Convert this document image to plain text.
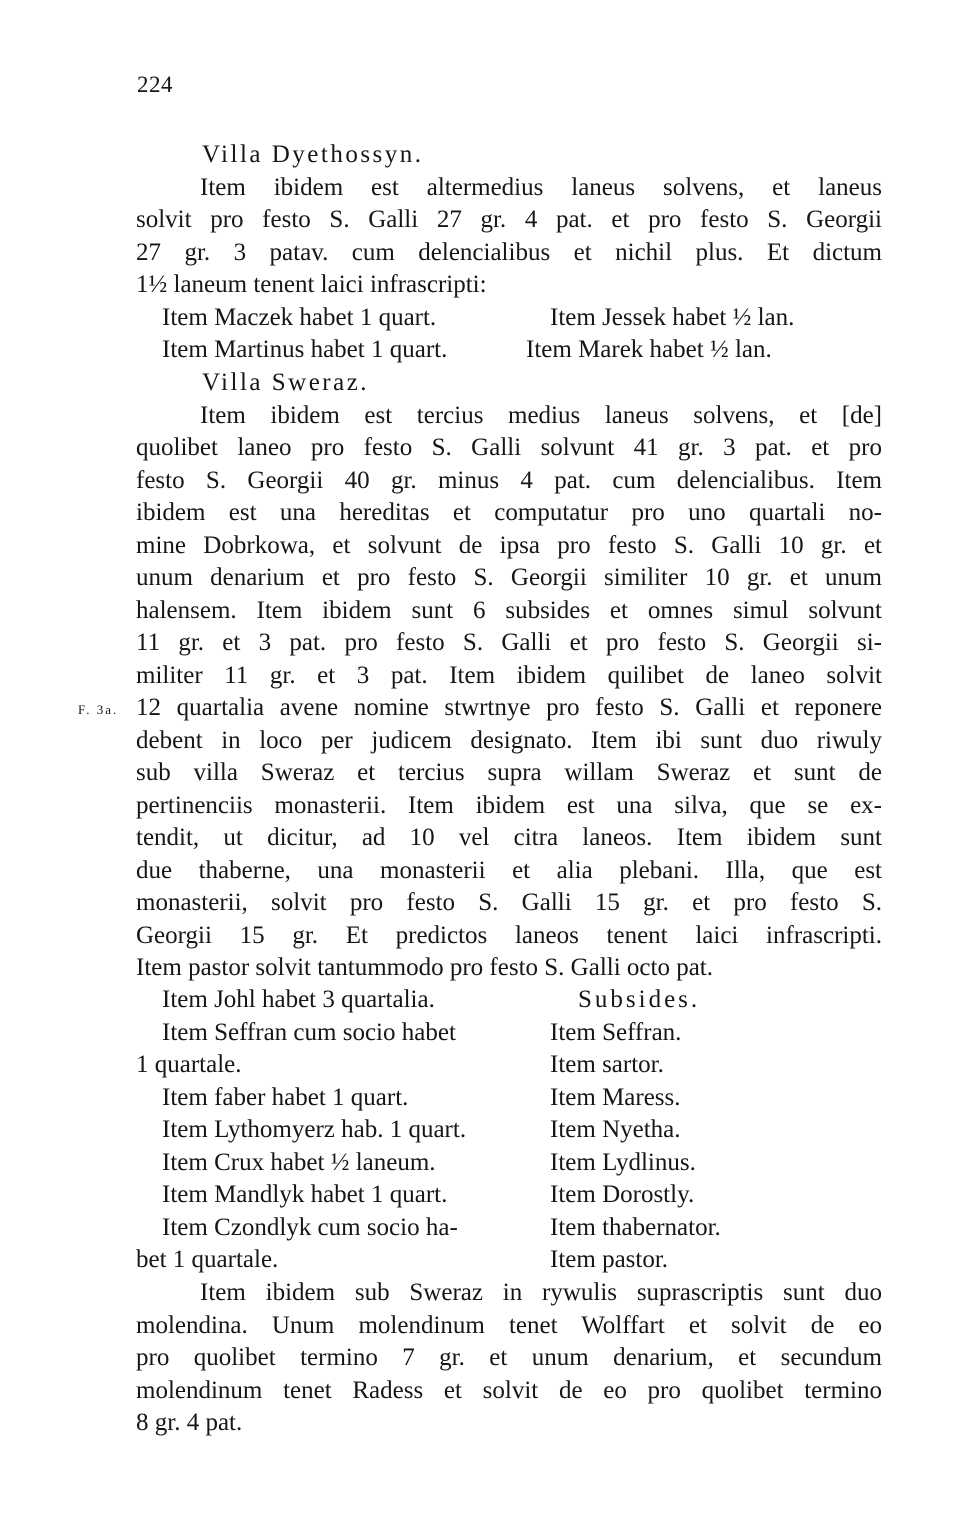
224
F. 3a.
Villa Dyethossyn.
Item ibidem est altermedius laneus solvens, et laneus
solvit pro festo S. Galli 27 gr. 4 pat. et pro festo S. Georgii
27 gr. 3 patav. cum delencialibus et nichil plus. Et dictum
1½ laneum tenent laici infrascripti:
Item Maczek habet 1 quart.	Item Jessek habet ½ lan.
Item Martinus habet 1 quart.	Item Marek habet ½ lan.
Villa Sweraz.
Item ibidem est tercius medius laneus solvens, et [de]
quolibet laneo pro festo S. Galli solvunt 41 gr. 3 pat. et pro
festo S. Georgii 40 gr. minus 4 pat. cum delencialibus. Item
ibidem est una hereditas et computatur pro uno quartali no-
mine Dobrkowa, et solvunt de ipsa pro festo S. Galli 10 gr. et
unum denarium et pro festo S. Georgii similiter 10 gr. et unum
halensem. Item ibidem sunt 6 subsides et omnes simul solvunt
11 gr. et 3 pat. pro festo S. Galli et pro festo S. Georgii si-
militer 11 gr. et 3 pat. Item ibidem quilibet de laneo solvit
12 quartalia avene nomine stwrtnye pro festo S. Galli et reponere
debent in loco per judicem designato. Item ibi sunt duo riwuly
sub villa Sweraz et tercius supra willam Sweraz et sunt de
pertinenciis monasterii. Item ibidem est una silva, que se ex-
tendit, ut dicitur, ad 10 vel citra laneos. Item ibidem sunt
due thaberne, una monasterii et alia plebani. Illa, que est
monasterii, solvit pro festo S. Galli 15 gr. et pro festo S.
Georgii 15 gr. Et predictos laneos tenent laici infrascripti.
Item pastor solvit tantummodo pro festo S. Galli octo pat.
Item Johl habet 3 quartalia.	Subsides.
Item Seffran cum socio habet	Item Seffran.
1 quartale.	Item sartor.
Item faber habet 1 quart.	Item Maress.
Item Lythomyerz hab. 1 quart.	Item Nyetha.
Item Crux habet ½ laneum.	Item Lydlinus.
Item Mandlyk habet 1 quart.	Item Dorostly.
Item Czondlyk cum socio ha-	Item thabernator.
bet 1 quartale.	Item pastor.
Item ibidem sub Sweraz in rywulis suprascriptis sunt duo
molendina. Unum molendinum tenet Wolffart et solvit de eo
pro quolibet termino 7 gr. et unum denarium, et secundum
molendinum tenet Radess et solvit de eo pro quolibet termino
8 gr. 4 pat.
